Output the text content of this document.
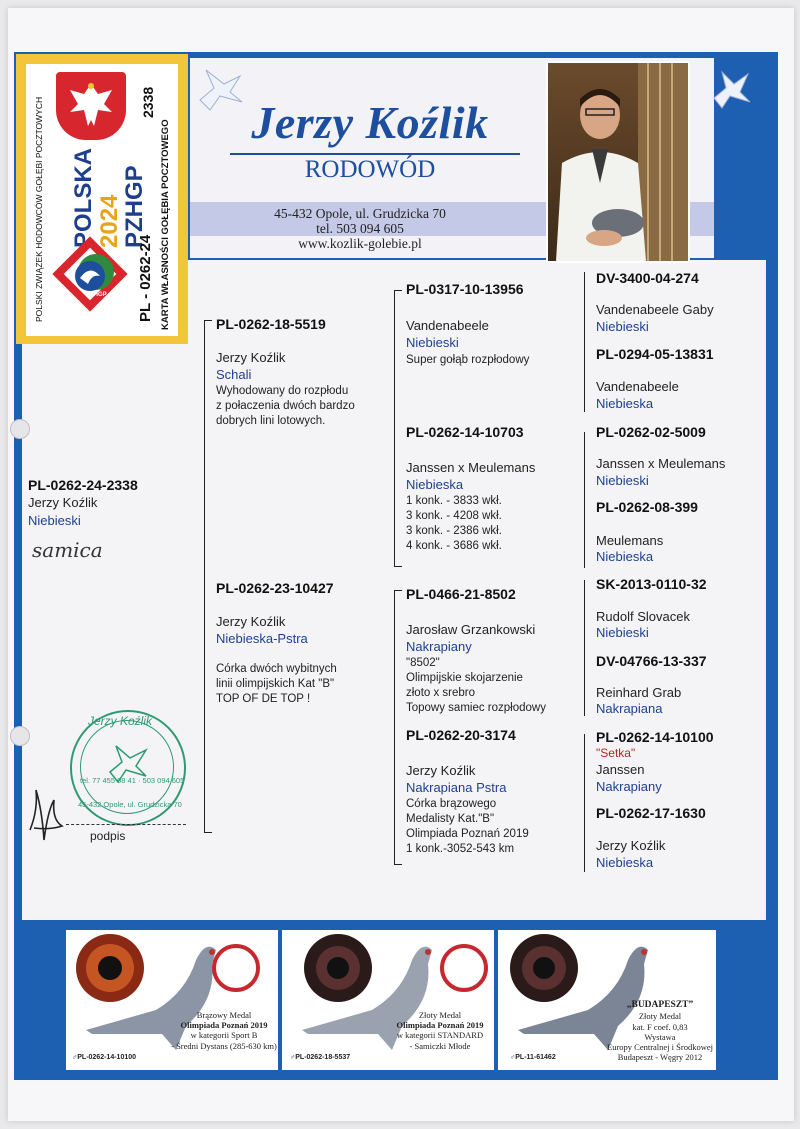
POLSKI ZWIĄZEK HODOWCÓW GOŁĘBI POCZTOWYCH POLSKA 2024
PZHGP
PL - 0262-24
2338
KARTA WŁASNOŚCI GOŁĘBIA POCZTOWEGO
PZHGP
Jerzy Koźlik
RODOWÓD
45-432 Opole, ul. Grudzicka 70
tel. 503 094 605
www.kozlik-golebie.pl
PL-0262-24-2338
Jerzy Koźlik
Niebieski
samica
PL-0262-18-5519
Jerzy Koźlik
Schali
Wyhodowany do rozpłodu
z połaczenia dwóch bardzo
dobrych lini lotowych.
PL-0262-23-10427
Jerzy Koźlik
Niebieska-Pstra
Córka dwóch wybitnych
linii olimpijskich Kat "B"
TOP OF DE TOP !
PL-0317-10-13956
Vandenabeele
Niebieski
Super gołąb rozpłodowy
PL-0262-14-10703
Janssen x Meulemans
Niebieska
1 konk. - 3833 wkł.
3 konk. - 4208 wkł.
3 konk. - 2386 wkł.
4 konk. - 3686 wkł.
PL-0466-21-8502
Jarosław Grzankowski
Nakrapiany
"8502"
Olimpijskie skojarzenie
złoto x srebro
Topowy samiec rozpłodowy
PL-0262-20-3174
Jerzy Koźlik
Nakrapiana Pstra
Córka brązowego
Medalisty Kat."B"
Olimpiada Poznań 2019
1 konk.-3052-543 km
DV-3400-04-274
Vandenabeele Gaby
Niebieski
PL-0294-05-13831
Vandenabeele
Niebieska
PL-0262-02-5009
Janssen x Meulemans
Niebieski
PL-0262-08-399
Meulemans
Niebieska
SK-2013-0110-32
Rudolf Slovacek
Niebieski
DV-04766-13-337
Reinhard Grab
Nakrapiana
PL-0262-14-10100
"Setka"
Janssen
Nakrapiany
PL-0262-17-1630
Jerzy Koźlik
Niebieska
Jerzy Koźlik
tel. 77 455 08 41 · 503 094 605
45-432 Opole, ul. Grudzicka 70
podpis
Brązowy Medal
Olimpiada Poznań 2019
w kategorii Sport B
- Średni Dystans (285-630 km)
♂PL-0262-14-10100
Złoty Medal
Olimpiada Poznań 2019
w kategorii STANDARD
- Samiczki Młode
♂PL-0262-18-5537
„BUDAPESZT”
Złoty Medal
kat. F coef. 0,83
Wystawa
Europy Centralnej i Środkowej
Budapeszt - Węgry 2012
♂PL-11-61462
